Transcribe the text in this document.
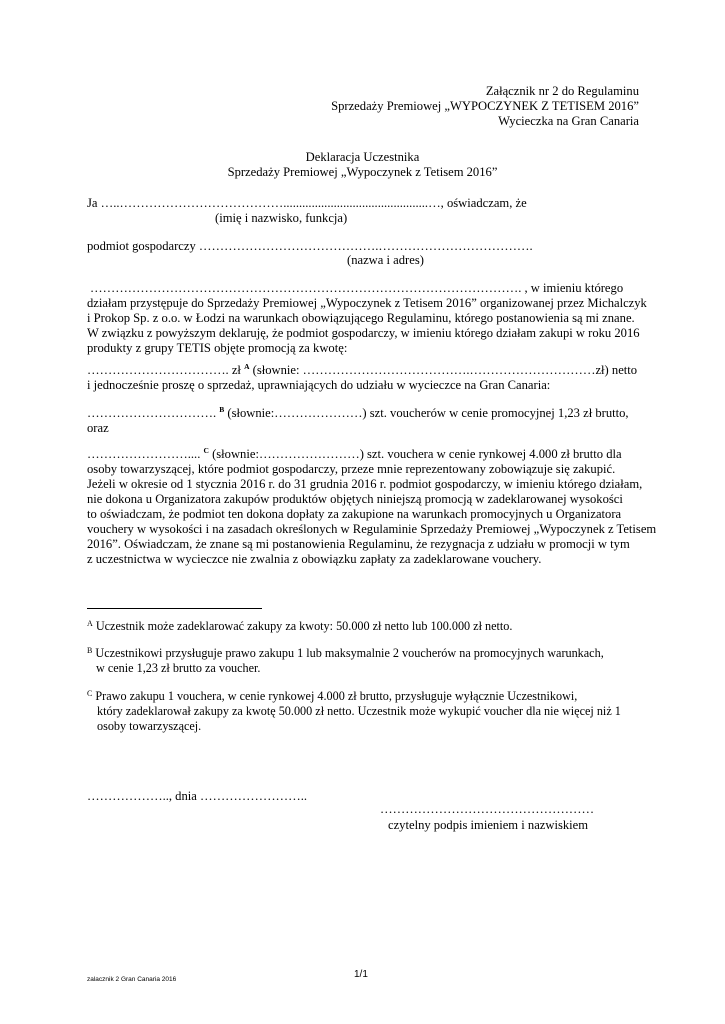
Załącznik nr 2 do Regulaminu
Sprzedaży Premiowej „WYPOCZYNEK Z TETISEM 2016”
Wycieczka na Gran Canaria
Deklaracja Uczestnika
Sprzedaży Premiowej „Wypoczynek z Tetisem 2016”
Ja …..…………………………………..............................................…, oświadczam, że
(imię i nazwisko, funkcja)
podmiot gospodarczy …………………………………….……………………………….
(nazwa i adres)
…………………………………………………………………………………………. , w imieniu którego
działam przystępuje do Sprzedaży Premiowej „Wypoczynek z Tetisem 2016” organizowanej przez Michalczyk
i Prokop Sp. z o.o. w Łodzi na warunkach obowiązującego Regulaminu, którego postanowienia są mi znane.
W związku z powyższym deklaruję, że podmiot gospodarczy, w imieniu którego działam zakupi w roku 2016
produkty z grupy TETIS objęte promocją za kwotę:
……………………………. zł $^A$ (słownie: ………………………………….…………………………zł) netto
i jednocześnie proszę o sprzedaż, uprawniających do udziału w wycieczce na Gran Canaria:
…………………………. $^B$ (słownie:…………………) szt. voucherów w cenie promocyjnej 1,23 zł brutto,
oraz
…………………….... $^C$ (słownie:……………………) szt. vouchera w cenie rynkowej 4.000 zł brutto dla
osoby towarzyszącej, które podmiot gospodarczy, przeze mnie reprezentowany zobowiązuje się zakupić.
Jeżeli w okresie od 1 stycznia 2016 r. do 31 grudnia 2016 r. podmiot gospodarczy, w imieniu którego działam,
nie dokona u Organizatora zakupów produktów objętych niniejszą promocją w zadeklarowanej wysokości
to oświadczam, że podmiot ten dokona dopłaty za zakupione na warunkach promocyjnych u Organizatora
vouchery w wysokości i na zasadach określonych w Regulaminie Sprzedaży Premiowej „Wypoczynek z Tetisem
2016”. Oświadczam, że znane są mi postanowienia Regulaminu, że rezygnacja z udziału w promocji w tym
z uczestnictwa w wycieczce nie zwalnia z obowiązku zapłaty za zadeklarowane vouchery.
$^A$ Uczestnik może zadeklarować zakupy za kwoty: 50.000 zł netto lub 100.000 zł netto.
$^B$ Uczestnikowi przysługuje prawo zakupu 1 lub maksymalnie 2 voucherów na promocyjnych warunkach,
w cenie 1,23 zł brutto za voucher.
$^C$ Prawo zakupu 1 vouchera, w cenie rynkowej 4.000 zł brutto, przysługuje wyłącznie Uczestnikowi,
który zadeklarował zakupy za kwotę 50.000 zł netto. Uczestnik może wykupić voucher dla nie więcej niż 1
osoby towarzyszącej.
……………….., dnia ……………………..
……………………………………………
czytelny podpis imieniem i nazwiskiem
zalacznik 2 Gran Canaria 2016	1/1
